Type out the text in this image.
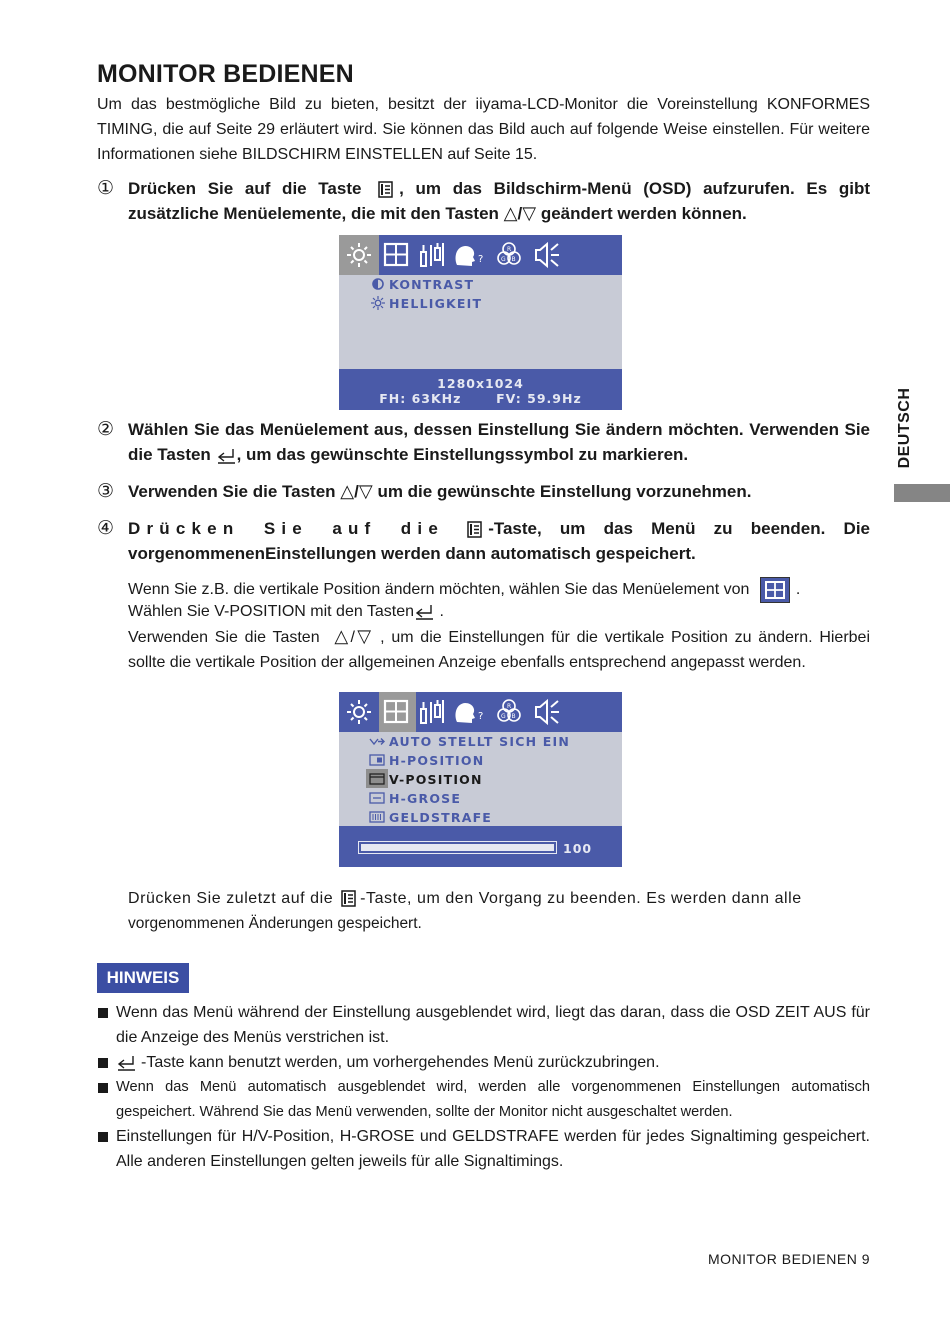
MONITOR BEDIENEN
Um das bestmögliche Bild zu bieten, besitzt der iiyama-LCD-Monitor die Voreinstellung KONFORMES TIMING, die auf Seite 29 erläutert wird. Sie können das Bild auch auf folgende Weise einstellen. Für weitere Informationen siehe BILDSCHIRM EINSTELLEN auf Seite 15.
① Drücken Sie auf die Taste , um das Bildschirm-Menü (OSD) aufzurufen. Es gibt zusätzliche Menüelemente, die mit den Tasten △/▽ geändert werden können.
KONTRAST
HELLIGKEIT
1280x1024
FH: 63KHz	FV: 59.9Hz
② Wählen Sie das Menüelement aus, dessen Einstellung Sie ändern möchten. Verwenden Sie die Tasten , um das gewünschte Einstellungssymbol zu markieren.
③ Verwenden Sie die Tasten △/▽ um die gewünschte Einstellung vorzunehmen.
④ Drücken Sie auf die	-Taste, um das Menü zu beenden. Die vorgenommenenEinstellungen werden dann automatisch gespeichert.
Wenn Sie z.B. die vertikale Position ändern möchten, wählen Sie das Menüelement von	.
Wählen Sie V-POSITION mit den Tasten .
Verwenden Sie die Tasten △/▽ , um die Einstellungen für die vertikale Position zu ändern. Hierbei sollte die vertikale Position der allgemeinen Anzeige ebenfalls entsprechend angepasst werden.
AUTO STELLT SICH EIN
H-POSITION
V-POSITION
H-GROSE
GELDSTRAFE
100
Drücken Sie zuletzt auf die -Taste, um den Vorgang zu beenden. Es werden dann alle
vorgenommenen Änderungen gespeichert.
DEUTSCH
HINWEIS
Wenn das Menü während der Einstellung ausgeblendet wird, liegt das daran, dass die OSD ZEIT AUS für die Anzeige des Menüs verstrichen ist.
-Taste kann benutzt werden, um vorhergehendes Menü zurückzubringen.
Wenn das Menü automatisch ausgeblendet wird, werden alle vorgenommenen Einstellungen automatisch gespeichert. Während Sie das Menü verwenden, sollte der Monitor nicht ausgeschaltet werden.
Einstellungen für H/V-Position, H-GROSE und GELDSTRAFE werden für jedes Signaltiming gespeichert. Alle anderen Einstellungen gelten jeweils für alle Signaltimings.
MONITOR BEDIENEN 9
